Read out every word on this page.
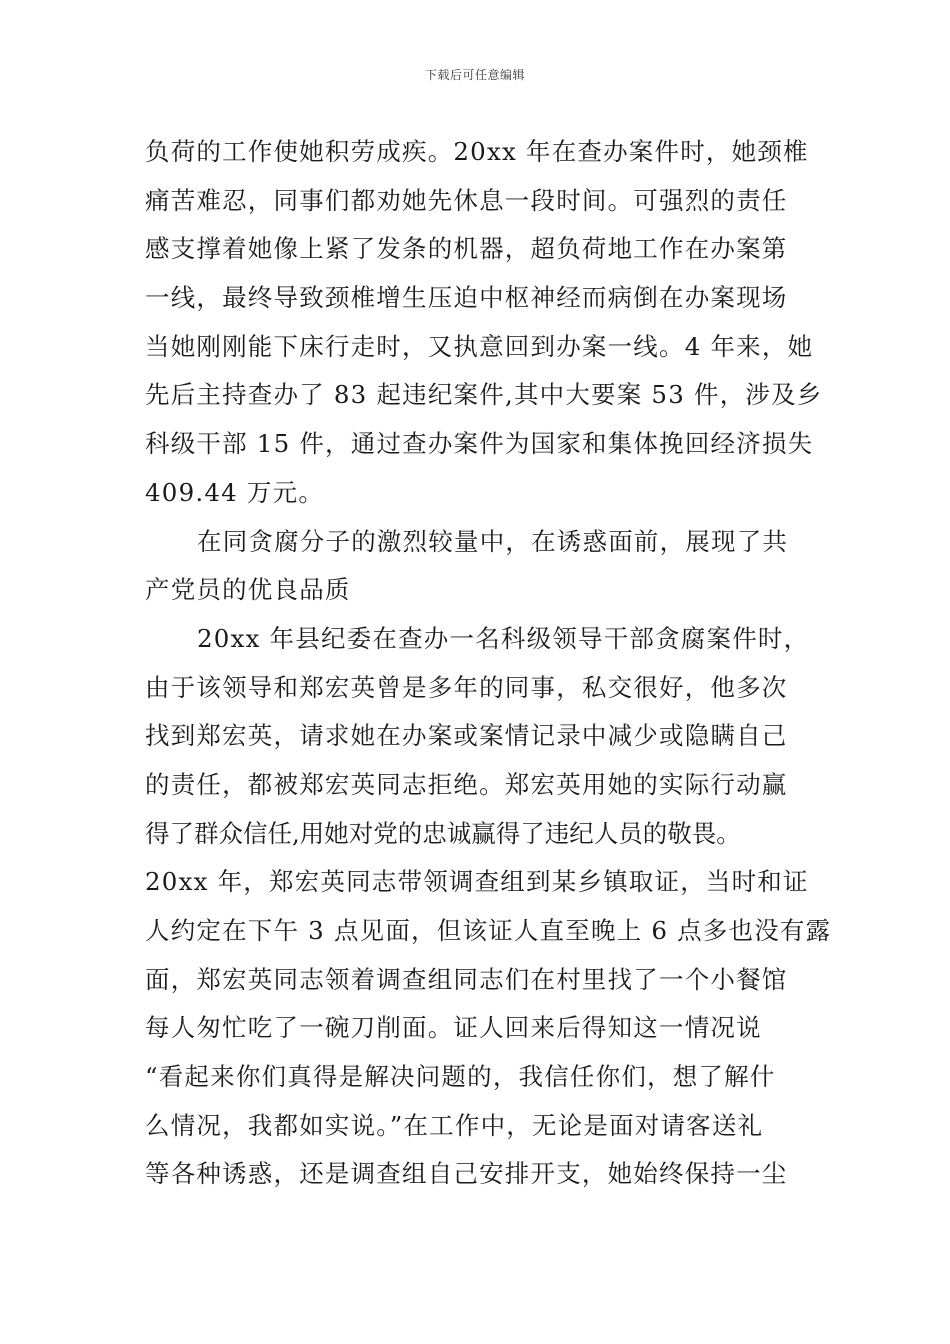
下载后可任意编辑
负荷的工作使她积劳成疾。20xx 年在查办案件时，她颈椎
痛苦难忍，同事们都劝她先休息一段时间。可强烈的责任
感支撑着她像上紧了发条的机器，超负荷地工作在办案第
一线，最终导致颈椎增生压迫中枢神经而病倒在办案现场
当她刚刚能下床行走时，又执意回到办案一线。4 年来，她
先后主持查办了 83 起违纪案件,其中大要案 53 件，涉及乡
科级干部 15 件，通过查办案件为国家和集体挽回经济损失
409.44 万元。
在同贪腐分子的激烈较量中，在诱惑面前，展现了共
产党员的优良品质
20xx 年县纪委在查办一名科级领导干部贪腐案件时，
由于该领导和郑宏英曾是多年的同事，私交很好，他多次
找到郑宏英，请求她在办案或案情记录中减少或隐瞒自己
的责任，都被郑宏英同志拒绝。郑宏英用她的实际行动赢
得了群众信任,用她对党的忠诚赢得了违纪人员的敬畏。
20xx 年，郑宏英同志带领调查组到某乡镇取证，当时和证
人约定在下午 3 点见面，但该证人直至晚上 6 点多也没有露
面，郑宏英同志领着调查组同志们在村里找了一个小餐馆
每人匆忙吃了一碗刀削面。证人回来后得知这一情况说
“看起来你们真得是解决问题的，我信任你们，想了解什
么情况，我都如实说。”在工作中，无论是面对请客送礼
等各种诱惑，还是调查组自己安排开支，她始终保持一尘
